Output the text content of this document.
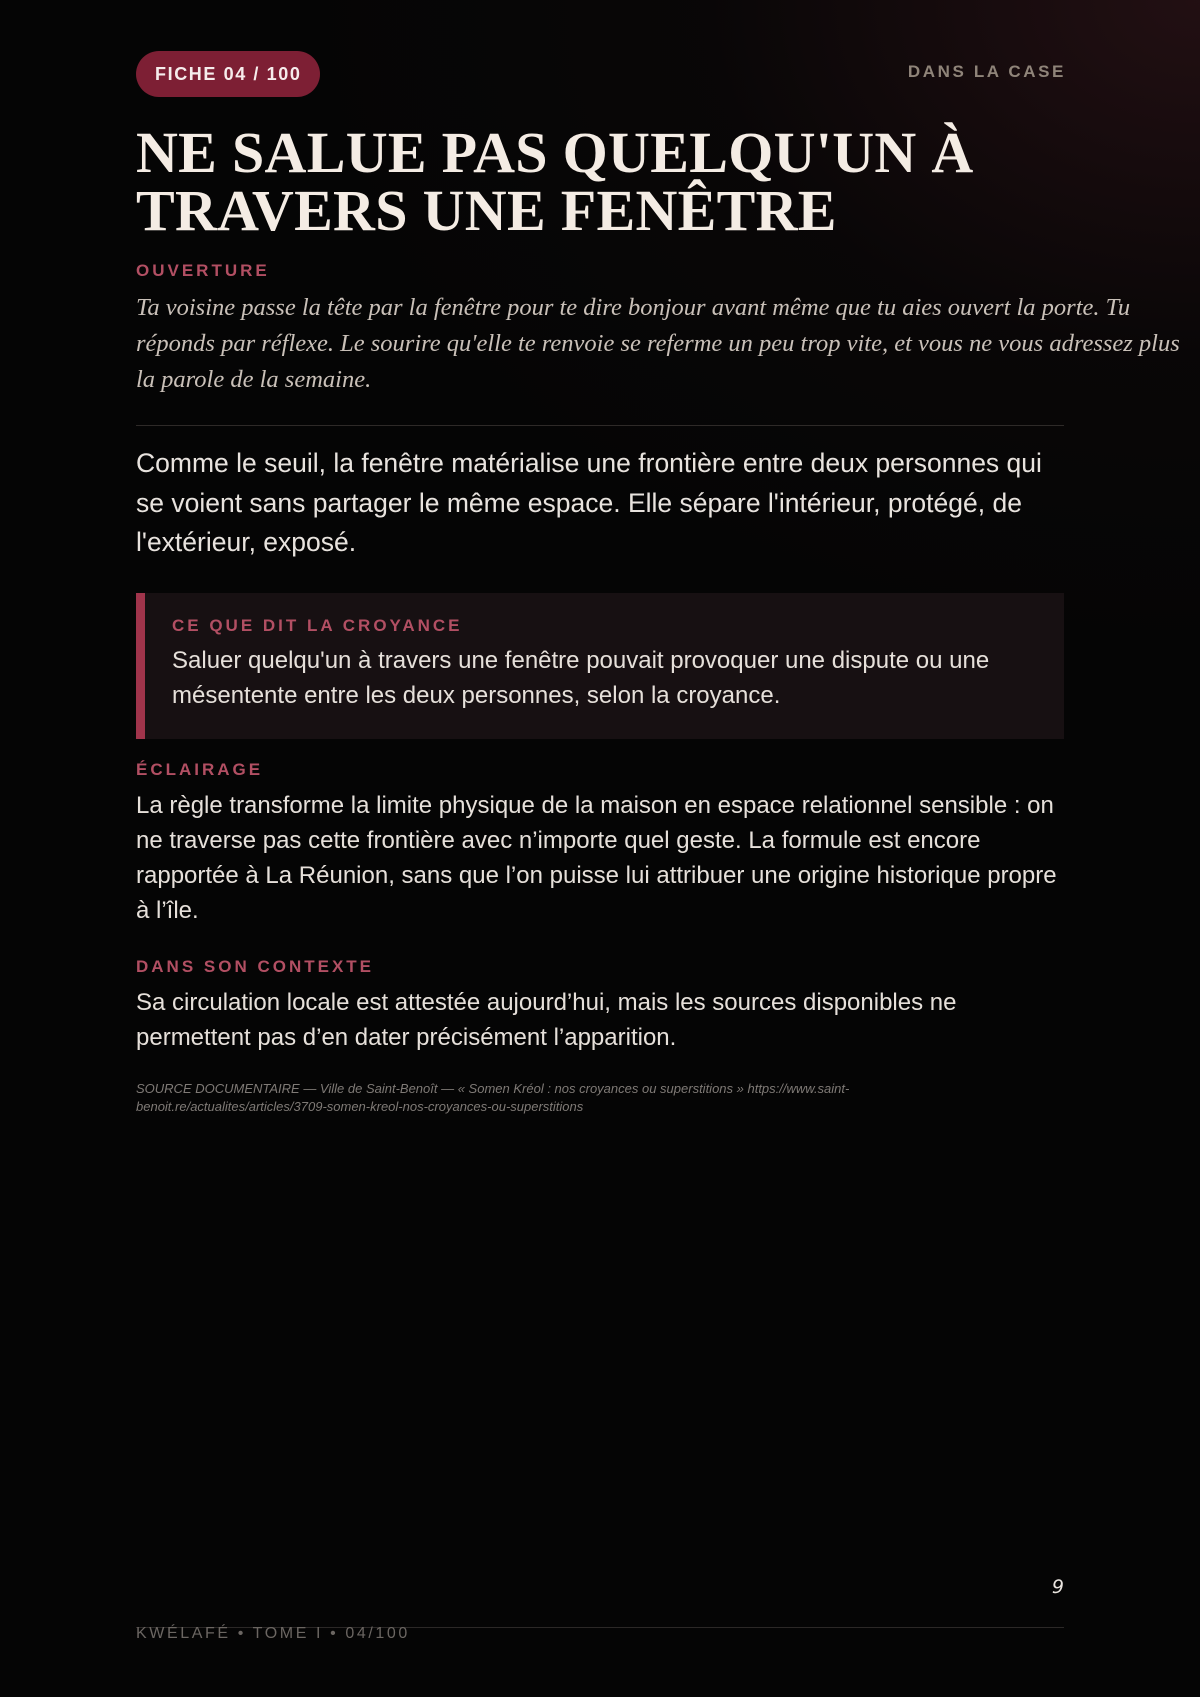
FICHE 04 / 100	DANS LA CASE
NE SALUE PAS QUELQU'UN À TRAVERS UNE FENÊTRE
OUVERTURE

Ta voisine passe la tête par la fenêtre pour te dire bonjour avant même que tu aies ouvert la porte. Tu réponds par réflexe. Le sourire qu'elle te renvoie se referme un peu trop vite, et vous ne vous adressez plus la parole de la semaine.

Comme le seuil, la fenêtre matérialise une frontière entre deux personnes qui se voient sans partager le même espace. Elle sépare l'intérieur, protégé, de l'extérieur, exposé.

CE QUE DIT LA CROYANCE

Saluer quelqu'un à travers une fenêtre pouvait provoquer une dispute ou une mésentente entre les deux personnes, selon la croyance.

ÉCLAIRAGE

La règle transforme la limite physique de la maison en espace relationnel sensible : on ne traverse pas cette frontière avec n’importe quel geste. La formule est encore rapportée à La Réunion, sans que l’on puisse lui attribuer une origine historique propre à l’île.

DANS SON CONTEXTE

Sa circulation locale est attestée aujourd’hui, mais les sources disponibles ne permettent pas d’en dater précisément l’apparition.

SOURCE DOCUMENTAIRE — Ville de Saint-Benoît — « Somen Kréol : nos croyances ou superstitions » https://www.saint-benoit.re/actualites/articles/3709-somen-kreol-nos-croyances-ou-superstitions

9
KWÉLAFÉ • TOME I • 04/100
